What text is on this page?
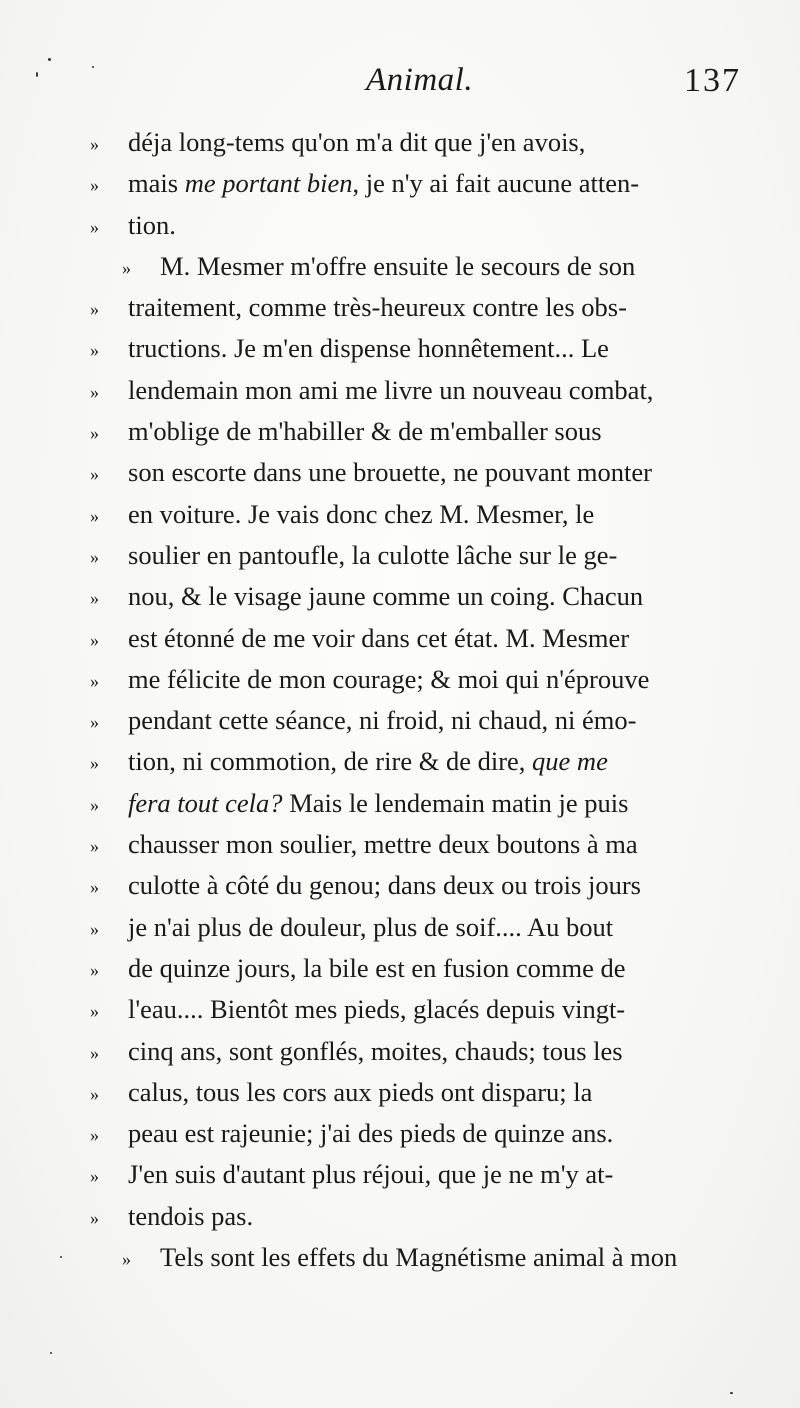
Animal.	137
» déja long-tems qu'on m'a dit que j'en avois,
» mais me portant bien, je n'y ai fait aucune atten-
» tion.
» M. Mesmer m'offre ensuite le secours de son
» traitement, comme très-heureux contre les obs-
» tructions. Je m'en dispense honnêtement... Le
» lendemain mon ami me livre un nouveau combat,
» m'oblige de m'habiller & de m'emballer sous
» son escorte dans une brouette, ne pouvant monter
» en voiture. Je vais donc chez M. Mesmer, le
» soulier en pantoufle, la culotte lâche sur le ge-
» nou, & le visage jaune comme un coing. Chacun
» est étonné de me voir dans cet état. M. Mesmer
» me félicite de mon courage; & moi qui n'éprouve
» pendant cette séance, ni froid, ni chaud, ni émo-
» tion, ni commotion, de rire & de dire, que me
» fera tout cela? Mais le lendemain matin je puis
» chausser mon soulier, mettre deux boutons à ma
» culotte à côté du genou; dans deux ou trois jours
» je n'ai plus de douleur, plus de soif.... Au bout
» de quinze jours, la bile est en fusion comme de
» l'eau.... Bientôt mes pieds, glacés depuis vingt-
» cinq ans, sont gonflés, moites, chauds; tous les
» calus, tous les cors aux pieds ont disparu; la
» peau est rajeunie; j'ai des pieds de quinze ans.
» J'en suis d'autant plus réjoui, que je ne m'y at-
» tendois pas.
» Tels sont les effets du Magnétisme animal à mon
